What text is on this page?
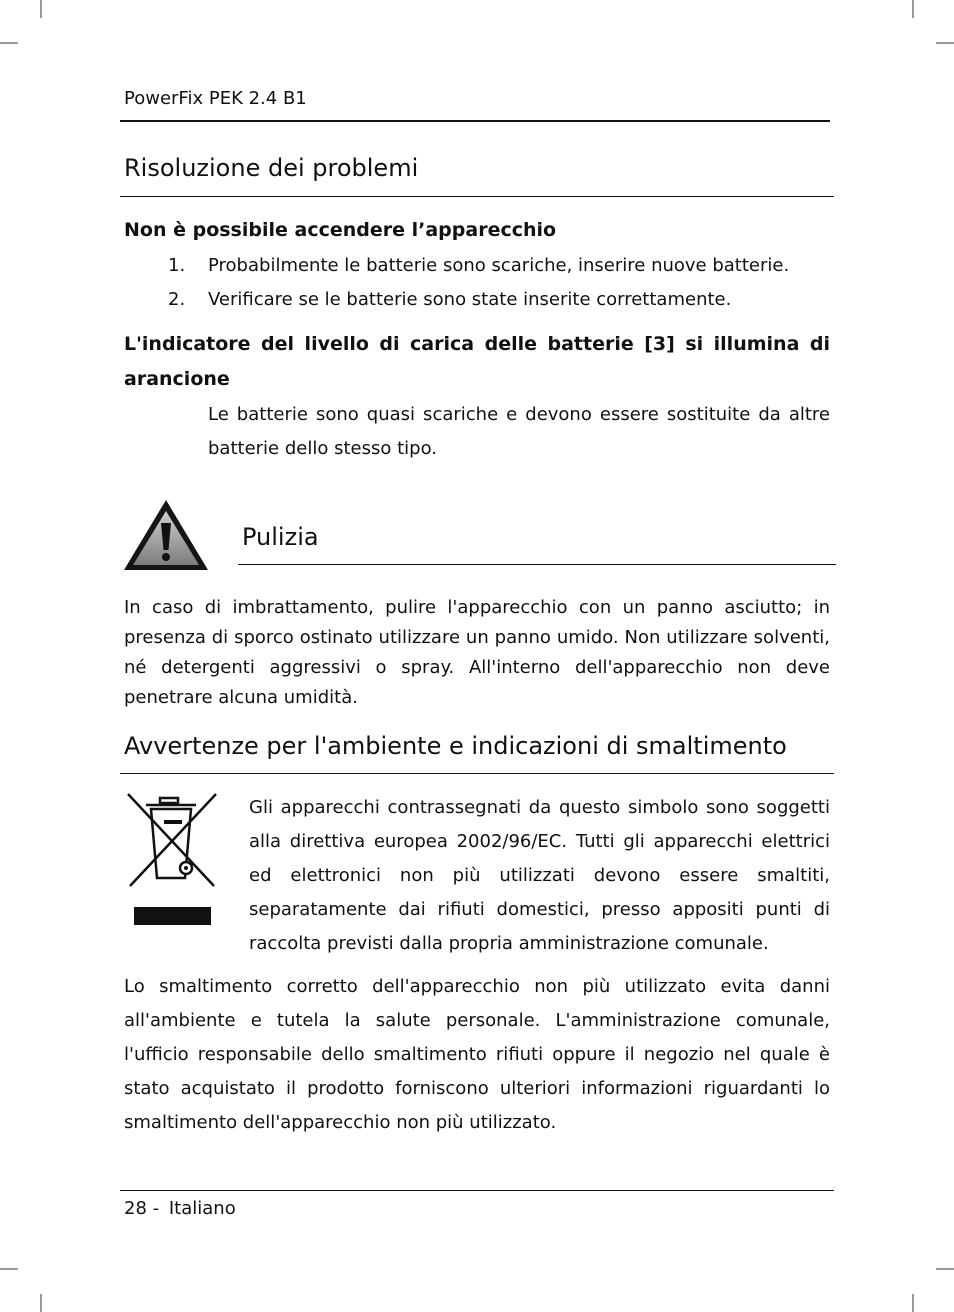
PowerFix PEK 2.4 B1
Risoluzione dei problemi
Non è possibile accendere l’apparecchio
1.	Probabilmente le batterie sono scariche, inserire nuove batterie.
2.	Verificare se le batterie sono state inserite correttamente.
L'indicatore del livello di carica delle batterie [3] si illumina di arancione

Le batterie sono quasi scariche e devono essere sostituite da altre batterie dello stesso tipo.

Pulizia

In caso di imbrattamento, pulire l'apparecchio con un panno asciutto; in presenza di sporco ostinato utilizzare un panno umido. Non utilizzare solventi, né detergenti aggressivi o spray. All'interno dell'apparecchio non deve penetrare alcuna umidità.

Avvertenze per l'ambiente e indicazioni di smaltimento

Gli apparecchi contrassegnati da questo simbolo sono soggetti alla direttiva europea 2002/96/EC. Tutti gli apparecchi elettrici ed elettronici non più utilizzati devono essere smaltiti, separatamente dai rifiuti domestici, presso appositi punti di raccolta previsti dalla propria amministrazione comunale.

Lo smaltimento corretto dell'apparecchio non più utilizzato evita danni all'ambiente e tutela la salute personale. L'amministrazione comunale, l'ufficio responsabile dello smaltimento rifiuti oppure il negozio nel quale è stato acquistato il prodotto forniscono ulteriori informazioni riguardanti lo smaltimento dell'apparecchio non più utilizzato.

28 - Italiano
